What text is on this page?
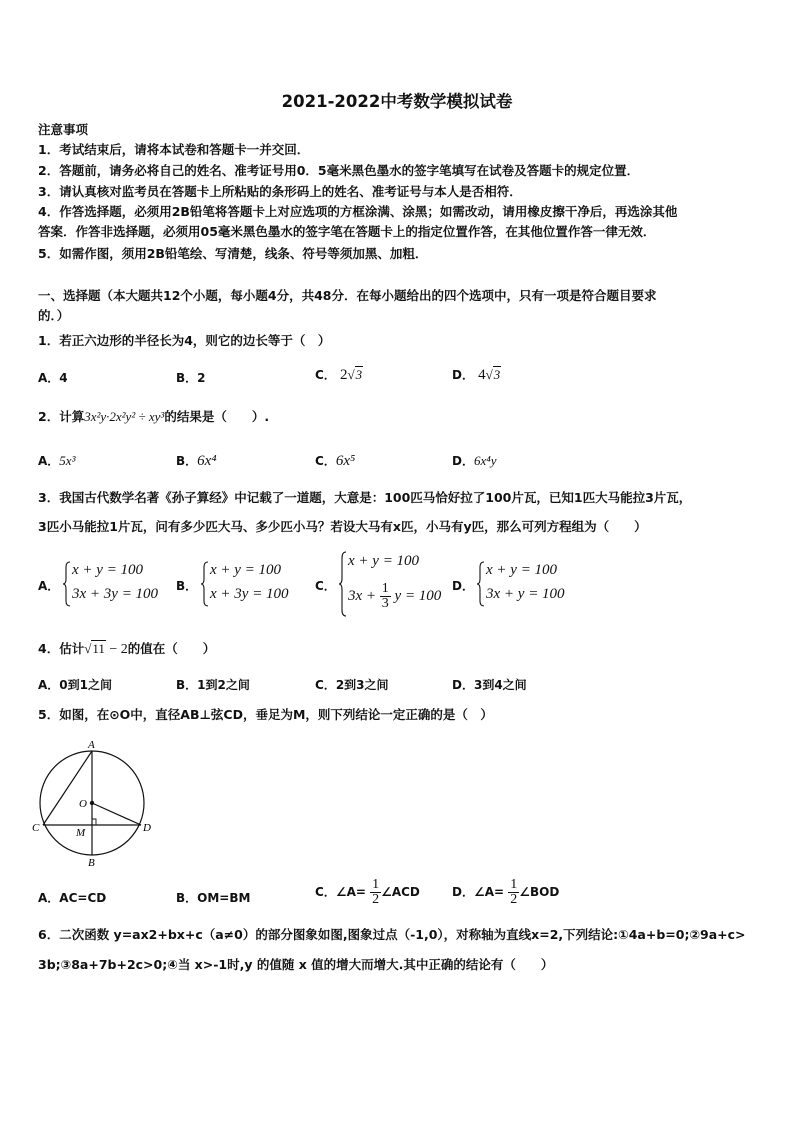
2021-2022中考数学模拟试卷
注意事项
1．考试结束后，请将本试卷和答题卡一并交回．
2．答题前，请务必将自己的姓名、准考证号用0．5毫米黑色墨水的签字笔填写在试卷及答题卡的规定位置．
3．请认真核对监考员在答题卡上所粘贴的条形码上的姓名、准考证号与本人是否相符．
4．作答选择题，必须用2B铅笔将答题卡上对应选项的方框涂满、涂黑；如需改动，请用橡皮擦干净后，再选涂其他
答案．作答非选择题，必须用05毫米黑色墨水的签字笔在答题卡上的指定位置作答，在其他位置作答一律无效．
5．如需作图，须用2B铅笔绘、写清楚，线条、符号等须加黑、加粗．
一、选择题（本大题共12个小题，每小题4分，共48分．在每小题给出的四个选项中，只有一项是符合题目要求
的．）
1．若正六边形的半径长为4，则它的边长等于（　）
A．4	B．2	C． 2√3	D． 4√3
2．计算3x²y·2x²y² ÷ xy³的结果是（　　）.
A．5x³	B．6x⁴	C．6x⁵	D．6x⁴y
3．我国古代数学名著《孙子算经》中记载了一道题，大意是：100匹马恰好拉了100片瓦，已知1匹大马能拉3片瓦，
3匹小马能拉1片瓦，问有多少匹大马、多少匹小马？若设大马有x匹，小马有y匹，那么可列方程组为（　　）
A．
x + y = 100
3x + 3y = 100 B．
x + y = 100
x + 3y = 100 C．
x + y = 100
$3x + \frac{1}{3}$ y = 100
D．
x + y = 100
3x + y = 100
4．估计√11 − 2的值在（　　）
A．0到1之间	B．1到2之间	C．2到3之间	D．3到4之间
5．如图，在⊙O中，直径AB⊥弦CD，垂足为M，则下列结论一定正确的是（　）
A
B
C	D
O
M
A．AC=CD	B．OM=BM	C．∠A= $\frac{1}{2}$ ∠ACD	D．∠A= $\frac{1}{2}$ ∠BOD
6．二次函数 y=ax2+bx+c（a≠0）的部分图象如图,图象过点（-1,0），对称轴为直线x=2,下列结论:①4a+b=0;②9a+c>
3b;③8a+7b+2c>0;④当 x>-1时,y 的值随 x 值的增大而增大.其中正确的结论有（　　）
